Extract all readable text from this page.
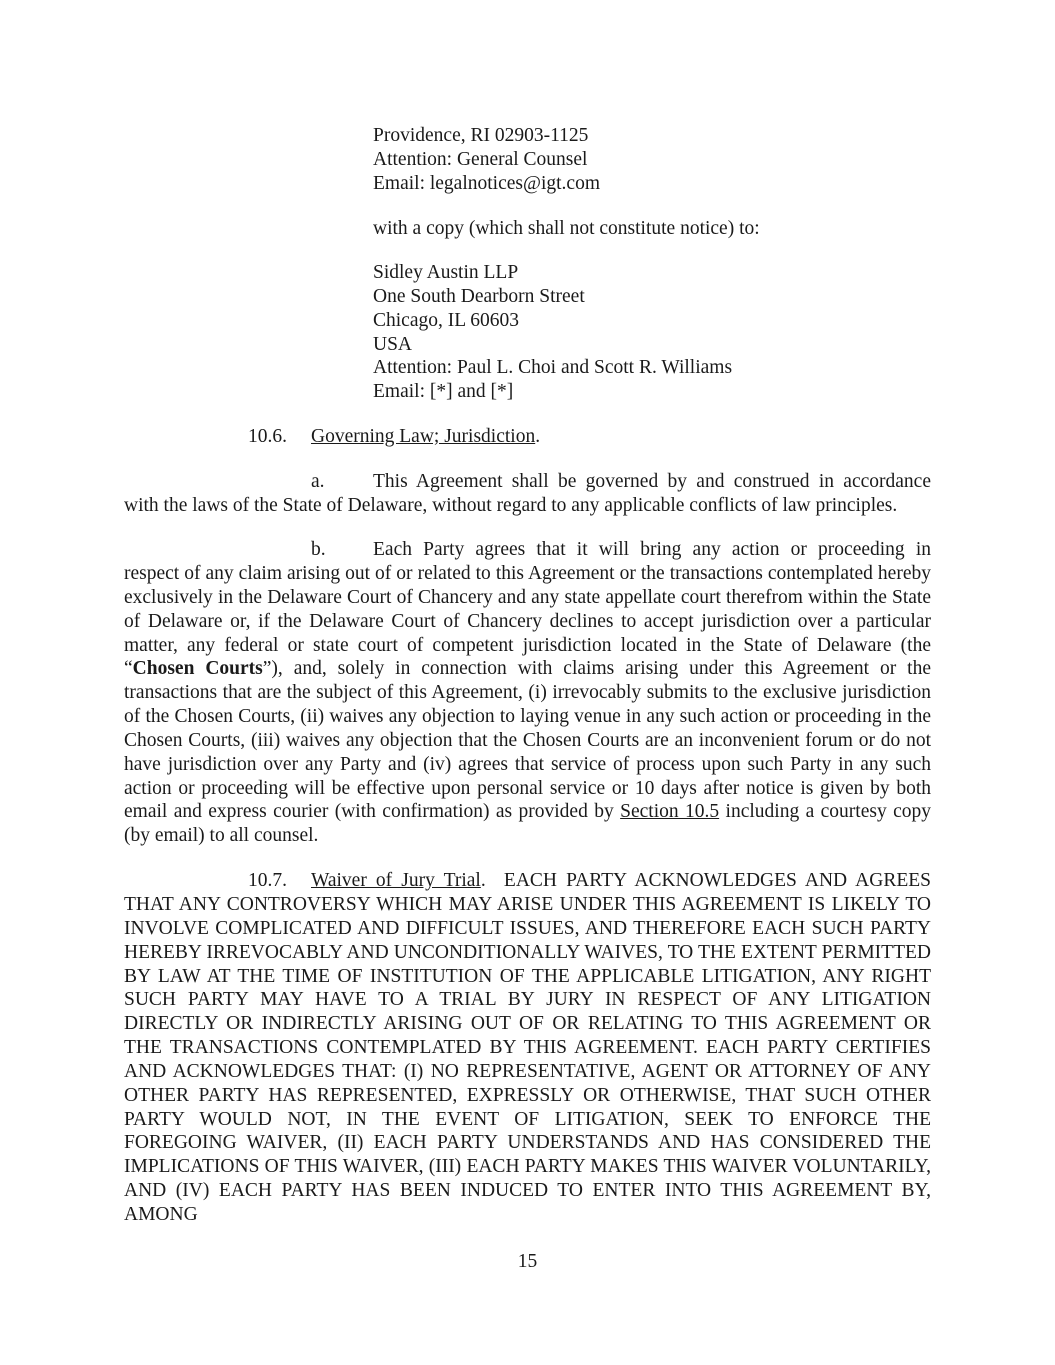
Providence, RI 02903-1125
Attention: General Counsel
Email: legalnotices@igt.com
with a copy (which shall not constitute notice) to:
Sidley Austin LLP
One South Dearborn Street
Chicago, IL 60603
USA
Attention: Paul L. Choi and Scott R. Williams
Email: [*] and [*]
10.6. Governing Law; Jurisdiction.
a. This Agreement shall be governed by and construed in accordance
with the laws of the State of Delaware, without regard to any applicable conflicts of law principles.
b. Each Party agrees that it will bring any action or proceeding in
respect of any claim arising out of or related to this Agreement or the transactions contemplated hereby exclusively in the Delaware Court of Chancery and any state appellate court therefrom within the State of Delaware or, if the Delaware Court of Chancery declines to accept jurisdiction over a particular matter, any federal or state court of competent jurisdiction located in the State of Delaware (the “Chosen Courts”), and, solely in connection with claims arising under this Agreement or the transactions that are the subject of this Agreement, (i) irrevocably submits to the exclusive jurisdiction of the Chosen Courts, (ii) waives any objection to laying venue in any such action or proceeding in the Chosen Courts, (iii) waives any objection that the Chosen Courts are an inconvenient forum or do not have jurisdiction over any Party and (iv) agrees that service of process upon such Party in any such action or proceeding will be effective upon personal service or 10 days after notice is given by both email and express courier (with confirmation) as provided by Section 10.5 including a courtesy copy (by email) to all counsel.
10.7. Waiver of Jury Trial. EACH PARTY ACKNOWLEDGES AND AGREES
THAT ANY CONTROVERSY WHICH MAY ARISE UNDER THIS AGREEMENT IS LIKELY TO INVOLVE COMPLICATED AND DIFFICULT ISSUES, AND THEREFORE EACH SUCH PARTY HEREBY IRREVOCABLY AND UNCONDITIONALLY WAIVES, TO THE EXTENT PERMITTED BY LAW AT THE TIME OF INSTITUTION OF THE APPLICABLE LITIGATION, ANY RIGHT SUCH PARTY MAY HAVE TO A TRIAL BY JURY IN RESPECT OF ANY LITIGATION DIRECTLY OR INDIRECTLY ARISING OUT OF OR RELATING TO THIS AGREEMENT OR THE TRANSACTIONS CONTEMPLATED BY THIS AGREEMENT. EACH PARTY CERTIFIES AND ACKNOWLEDGES THAT: (I) NO REPRESENTATIVE, AGENT OR ATTORNEY OF ANY OTHER PARTY HAS REPRESENTED, EXPRESSLY OR OTHERWISE, THAT SUCH OTHER PARTY WOULD NOT, IN THE EVENT OF LITIGATION, SEEK TO ENFORCE THE FOREGOING WAIVER, (II) EACH PARTY UNDERSTANDS AND HAS CONSIDERED THE IMPLICATIONS OF THIS WAIVER, (III) EACH PARTY MAKES THIS WAIVER VOLUNTARILY, AND (IV) EACH PARTY HAS BEEN INDUCED TO ENTER INTO THIS AGREEMENT BY, AMONG
15
